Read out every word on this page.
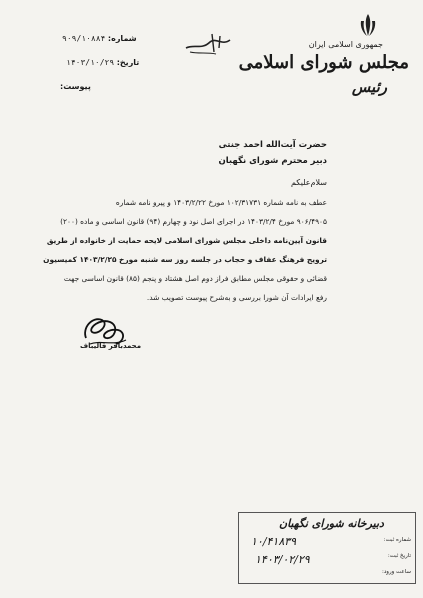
جمهوری اسلامی ایران
مجلس شورای اسلامی
رئیس
شماره: ۹۰۹/۱۰۸۸۴
تاریخ: ۱۴۰۳/۱۰/۲۹
پیوست:
حضرت آیت‌الله احمد جنتی
دبیر محترم شورای نگهبان
سلام‌علیکم
عطف به نامه شماره ۱۰۲/۳۱۷۳۱ مورخ ۱۴۰۳/۲/۲۲ و پیرو نامه شماره
۹۰۶/۴۹۰۵ مورخ ۱۴۰۳/۲/۴ در اجرای اصل نود و چهارم (۹۴) قانون اساسی و ماده (۲۰۰)
قانون آیین‌نامه داخلی مجلس شورای اسلامی لایحه حمایت از خانواده از طریق
ترویج فرهنگ عفاف و حجاب در جلسه روز سه شنبه مورخ ۱۴۰۳/۲/۲۵ کمیسیون
قضائی و حقوقی مجلس مطابق فراز دوم اصل هشتاد و پنجم (۸۵) قانون اساسی جهت
رفع ایرادات آن شورا بررسی و به‌شرح پیوست تصویب شد.
محمدباقر قالیباف
دبیرخانه شورای نگهبان
شماره ثبت:
تاریخ ثبت:
ساعت ورود:
۱۰/۴۱۸۳۹
۱۴۰۳/۰۲/۲۹
